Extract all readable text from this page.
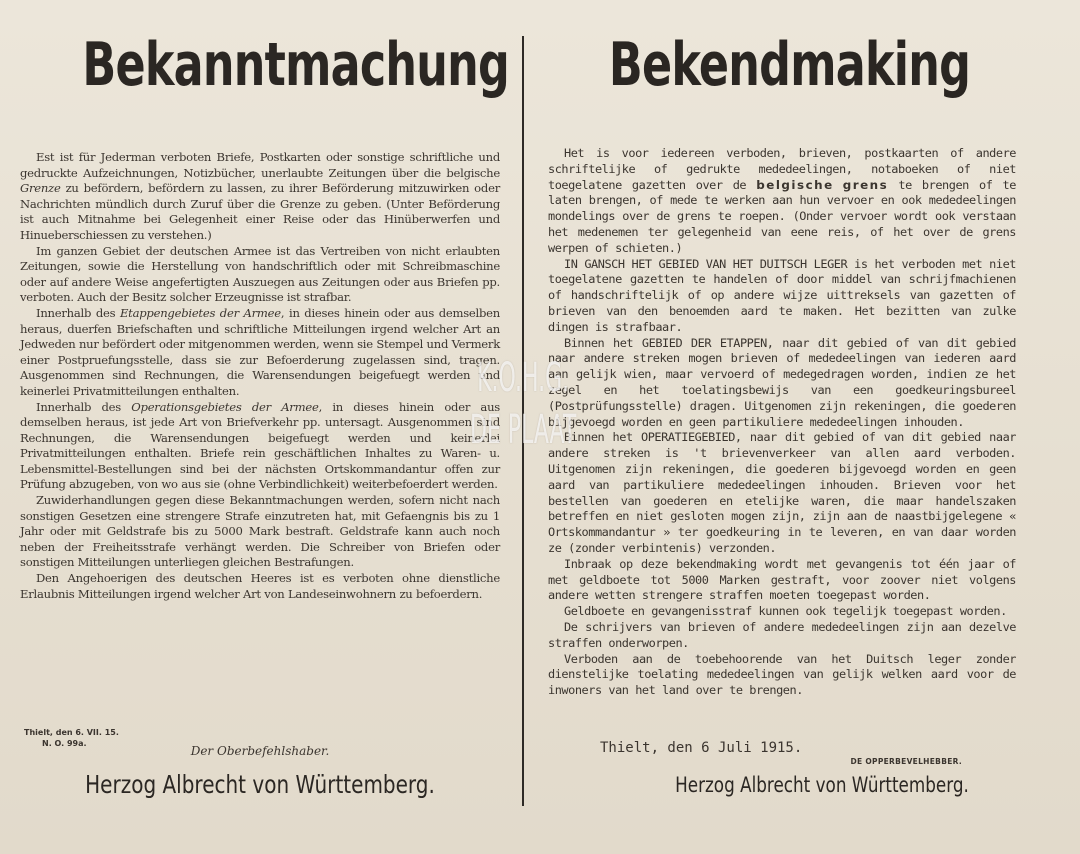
Bekanntmachung

Est ist für Jederman verboten Briefe, Postkarten oder sonstige schriftliche und gedruckte Aufzeichnungen, Notizbücher, unerlaubte Zeitungen über die belgische Grenze zu befördern, befördern zu lassen, zu ihrer Beförderung mitzuwirken oder Nachrichten mündlich durch Zuruf über die Grenze zu geben. (Unter Beförderung ist auch Mitnahme bei Gelegenheit einer Reise oder das Hinüberwerfen und Hinueberschiessen zu verstehen.)

Im ganzen Gebiet der deutschen Armee ist das Vertreiben von nicht erlaubten Zeitungen, sowie die Herstellung von handschriftlich oder mit Schreibmaschine oder auf andere Weise angefertigten Auszuegen aus Zeitungen oder aus Briefen pp. verboten. Auch der Besitz solcher Erzeugnisse ist strafbar.

Innerhalb des Etappengebietes der Armee, in dieses hinein oder aus demselben heraus, duerfen Briefschaften und schriftliche Mitteilungen irgend welcher Art an Jedweden nur befördert oder mitgenommen werden, wenn sie Stempel und Vermerk einer Postpruefungsstelle, dass sie zur Befoerderung zugelassen sind, tragen. Ausgenommen sind Rechnungen, die Warensendungen beigefuegt werden und keinerlei Privatmitteilungen enthalten.

Innerhalb des Operationsgebietes der Armee, in dieses hinein oder aus demselben heraus, ist jede Art von Briefverkehr pp. untersagt. Ausgenommen sind Rechnungen, die Warensendungen beigefuegt werden und keinerlei Privatmitteilungen enthalten. Briefe rein geschäftlichen Inhaltes zu Waren- u. Lebensmittel-Bestellungen sind bei der nächsten Ortskommandantur offen zur Prüfung abzugeben, von wo aus sie (ohne Verbindlichkeit) weiterbefoerdert werden.

Zuwiderhandlungen gegen diese Bekanntmachungen werden, sofern nicht nach sonstigen Gesetzen eine strengere Strafe einzutreten hat, mit Gefaengnis bis zu 1 Jahr oder mit Geldstrafe bis zu 5000 Mark bestraft. Geldstrafe kann auch noch neben der Freiheitsstrafe verhängt werden. Die Schreiber von Briefen oder sonstigen Mitteilungen unterliegen gleichen Bestrafungen.

Den Angehoerigen des deutschen Heeres ist es verboten ohne dienstliche Erlaubnis Mitteilungen irgend welcher Art von Landeseinwohnern zu befoerdern.

Thielt, den 6. VII. 15.
N. O. 99a.
Der Oberbefehlshaber.
Herzog Albrecht von Württemberg.
Bekendmaking

Het is voor iedereen verboden, brieven, postkaarten of andere schriftelijke of gedrukte mededeelingen, notaboeken of niet toegelatene gazetten over de belgische grens te brengen of te laten brengen, of mede te werken aan hun vervoer en ook mededeelingen mondelings over de grens te roepen. (Onder vervoer wordt ook verstaan het medenemen ter gelegenheid van eene reis, of het over de grens werpen of schieten.)

IN GANSCH HET GEBIED VAN HET DUITSCH LEGER is het verboden met niet toegelatene gazetten te handelen of door middel van schrijfmachienen of handschriftelijk of op andere wijze uittreksels van gazetten of brieven van den benoemden aard te maken. Het bezitten van zulke dingen is strafbaar.

Binnen het GEBIED DER ETAPPEN, naar dit gebied of van dit gebied naar andere streken mogen brieven of mededeelingen van iederen aard aan gelijk wien, maar vervoerd of medegedragen worden, indien ze het zegel en het toelatingsbewijs van een goedkeuringsbureel (Postprüfungsstelle) dragen. Uitgenomen zijn rekeningen, die goederen bijgevoegd worden en geen partikuliere mededeelingen inhouden.

Binnen het OPERATIEGEBIED, naar dit gebied of van dit gebied naar andere streken is 't brievenverkeer van allen aard verboden. Uitgenomen zijn rekeningen, die goederen bijgevoegd worden en geen aard van partikuliere mededeelingen inhouden. Brieven voor het bestellen van goederen en etelijke waren, die maar handelszaken betreffen en niet gesloten mogen zijn, zijn aan de naastbijgelegene « Ortskommandantur » ter goedkeuring in te leveren, en van daar worden ze (zonder verbintenis) verzonden.

Inbraak op deze bekendmaking wordt met gevangenis tot één jaar of met geldboete tot 5000 Marken gestraft, voor zoover niet volgens andere wetten strengere straffen moeten toegepast worden.

Geldboete en gevangenisstraf kunnen ook tegelijk toegepast worden.

De schrijvers van brieven of andere mededeelingen zijn aan dezelve straffen onderworpen.

Verboden aan de toebehoorende van het Duitsch leger zonder dienstelijke toelating mededeelingen van gelijk welken aard voor de inwoners van het land over te brengen.

Thielt, den 6 Juli 1915.
DE OPPERBEVELHEBBER.
Herzog Albrecht von Württemberg.
K.O.H.G.
DE PLAAT
